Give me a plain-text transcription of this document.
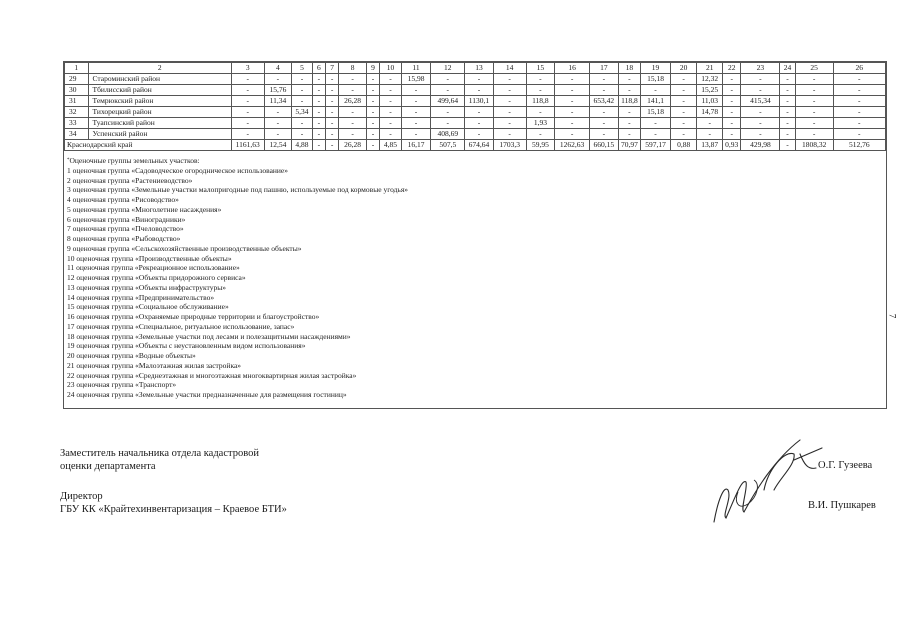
1	2	3	4	5	6	7	8	9	10	11	12	13	14	15	16	17	18	19	20	21	22	23	24	25	26
29	Староминский район	-	-	-	-	-	-	-	-	15,98	-	-	-	-	-	-	-	15,18	-	12,32	-	-	-	-	-
30	Тбилисский район	-	15,76	-	-	-	-	-	-	-	-	-	-	-	-	-	-	-	-	15,25	-	-	-	-	-
31	Темрюкский район	-	11,34	-	-	-	26,28	-	-	-	499,64	1130,1	-	118,8	-	653,42	118,8	141,1	-	11,03	-	415,34	-	-	-
32	Тихорецкий район	-	-	5,34	-	-	-	-	-	-	-	-	-	-	-	-	-	15,18	-	14,78	-	-	-	-	-
33	Туапсинский район	-	-	-	-	-	-	-	-	-	-	-	-	1,93	-	-	-	-	-	-	-	-	-	-	-
34	Успенский район	-	-	-	-	-	-	-	-	-	408,69	-	-	-	-	-	-	-	-	-	-	-	-	-	-
Краснодарский край		1161,63	12,54	4,88	-	-	26,28	-	4,85	16,17	507,5	674,64	1703,3	59,95	1262,63	660,15	70,97	597,17	0,88	13,87	0,93	429,98	-	1808,32	512,76
*Оценочные группы земельных участков:
1 оценочная группа «Садоводческое огородническое использование»
2 оценочная группа «Растениеводство»
3 оценочная группа «Земельные участки малопригодные под пашню, используемые под кормовые угодья»
4 оценочная группа «Рисоводство»
5 оценочная группа «Многолетние насаждения»
6 оценочная группа «Виноградники»
7 оценочная группа «Пчеловодство»
8 оценочная группа «Рыбоводство»
9 оценочная группа «Сельскохозяйственные производственные объекты»
10 оценочная группа «Производственные объекты»
11 оценочная группа «Рекреационное использование»
12 оценочная группа «Объекты придорожного сервиса»
13 оценочная группа «Объекты инфраструктуры»
14 оценочная группа «Предпринимательство»
15 оценочная группа «Социальное обслуживание»
16 оценочная группа «Охраняемые природные территории и благоустройство»
17 оценочная группа «Специальное, ритуальное использование, запас»
18 оценочная группа «Земельные участки под лесами и полезащитными насаждениями»
19 оценочная группа «Объекты с неустановленным видом использования»
20 оценочная группа «Водные объекты»
21 оценочная группа «Малоэтажная жилая застройка»
22 оценочная группа «Среднеэтажная и многоэтажная многоквартирная жилая застройка»
23 оценочная группа «Транспорт»
24 оценочная группа «Земельные участки предназначенные для размещения гостиниц»
7
Заместитель начальника отдела кадастровой
оценки департамента
Директор
ГБУ КК «Крайтехинвентаризация – Краевое БТИ»
О.Г. Гузеева
В.И. Пушкарев
